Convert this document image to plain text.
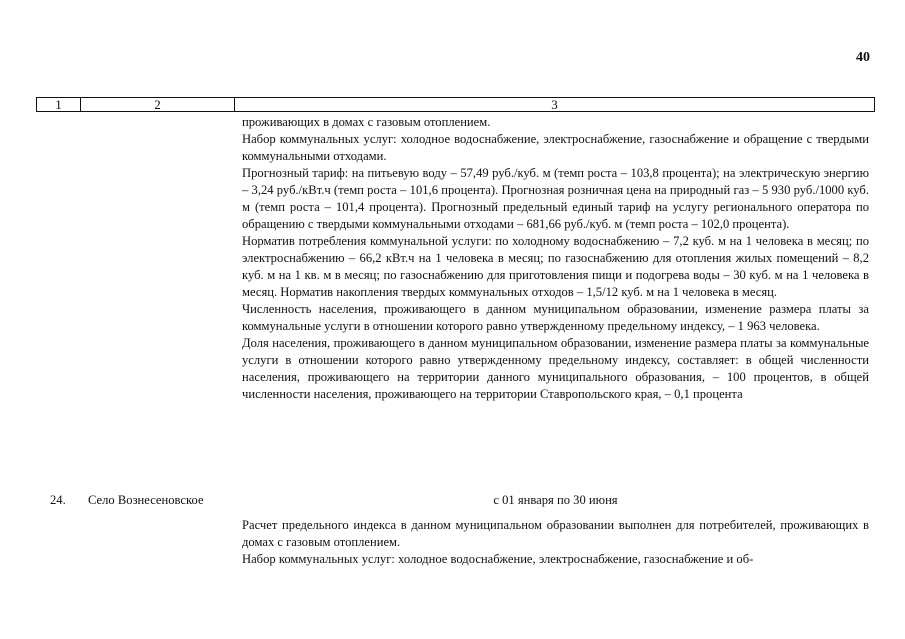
40
1	2	3

проживающих в домах с газовым отоплением.

Набор коммунальных услуг: холодное водоснабжение, электроснабжение, газоснабжение и обращение с твердыми коммунальными отходами.

Прогнозный тариф: на питьевую воду – 57,49 руб./куб. м (темп роста – 103,8 процента); на электрическую энергию – 3,24 руб./кВт.ч (темп роста – 101,6 процента). Прогнозная розничная цена на природный газ – 5 930 руб./1000 куб. м (темп роста – 101,4 процента). Прогнозный предельный единый тариф на услугу регионального оператора по обращению с твердыми коммунальными отходами – 681,66 руб./куб. м (темп роста – 102,0 процента).

Норматив потребления коммунальной услуги: по холодному водоснабжению – 7,2 куб. м на 1 человека в месяц; по электроснабжению – 66,2 кВт.ч на 1 человека в месяц; по газоснабжению для отопления жилых помещений – 8,2 куб. м на 1 кв. м в месяц; по газоснабжению для приготовления пищи и подогрева воды – 30 куб. м на 1 человека в месяц. Норматив накопления твердых коммунальных отходов – 1,5/12 куб. м на 1 человека в месяц.

Численность населения, проживающего в данном муниципальном образовании, изменение размера платы за коммунальные услуги в отношении которого равно утвержденному предельному индексу, – 1 963 человека.

Доля населения, проживающего в данном муниципальном образовании, изменение размера платы за коммунальные услуги в отношении которого равно утвержденному предельному индексу, составляет: в общей численности населения, проживающего на территории данного муниципального образования, – 100 процентов, в общей численности населения, проживающего на территории Ставропольского края, – 0,1 процента

24. Село Вознесеновское	с 01 января по 30 июня

Расчет предельного индекса в данном муниципальном образовании выполнен для потребителей, проживающих в домах с газовым отоплением.

Набор коммунальных услуг: холодное водоснабжение, электроснабжение, газоснабжение и об-
